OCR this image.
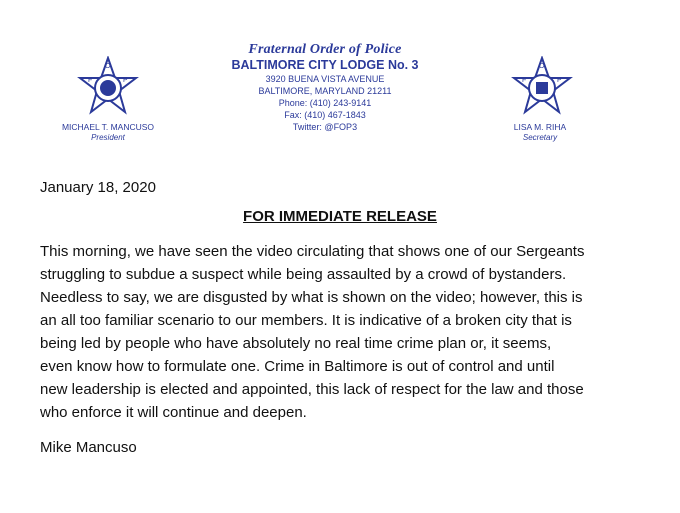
F
O
P
MICHAEL T. MANCUSO
President
Fraternal Order of Police
BALTIMORE CITY LODGE No. 3
3920 BUENA VISTA AVENUE
BALTIMORE, MARYLAND 21211
Phone: (410) 243-9141
Fax: (410) 467-1843
Twitter: @FOP3
F
O
P
LISA M. RIHA
Secretary
January 18, 2020
FOR IMMEDIATE RELEASE
This morning, we have seen the video circulating that shows one of our Sergeants
struggling to subdue a suspect while being assaulted by a crowd of bystanders.
Needless to say, we are disgusted by what is shown on the video; however, this is
an all too familiar scenario to our members. It is indicative of a broken city that is
being led by people who have absolutely no real time crime plan or, it seems,
even know how to formulate one. Crime in Baltimore is out of control and until
new leadership is elected and appointed, this lack of respect for the law and those
who enforce it will continue and deepen.
Mike Mancuso
